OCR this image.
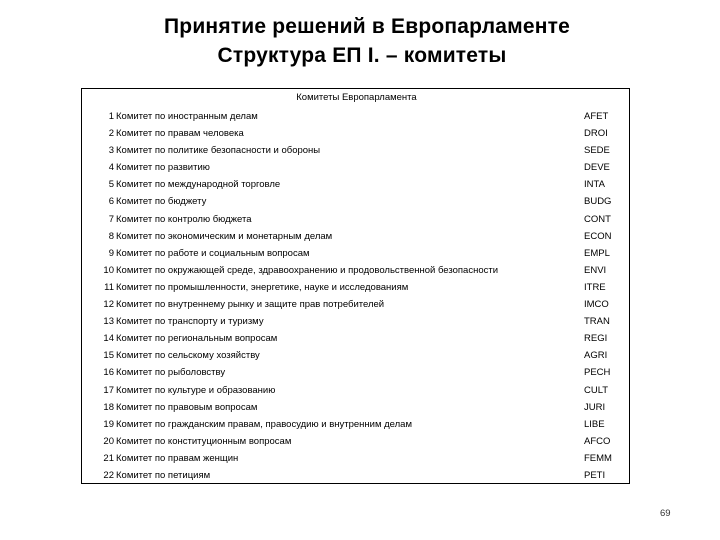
Принятие решений в Европарламенте
Структура ЕП I. – комитеты
Комитеты Европарламента
1 Комитет по иностранным делам	AFET
2 Комитет по правам человека	DROI
3 Комитет по политике безопасности и обороны	SEDE
4 Комитет по развитию	DEVE
5 Комитет по международной торговле	INTA
6 Комитет по бюджету	BUDG
7 Комитет по контролю бюджета	CONT
8 Комитет по экономическим и монетарным делам	ECON
9 Комитет по работе и социальным вопросам	EMPL
10 Комитет по окружающей среде, здравоохранению и продовольственной безопасности	ENVI
11 Комитет по промышленности, энергетике, науке и исследованиям	ITRE
12 Комитет по внутреннему рынку и защите прав потребителей	IMCO
13 Комитет по транспорту и туризму	TRAN
14 Комитет по региональным вопросам	REGI
15 Комитет по сельскому хозяйству	AGRI
16 Комитет по рыболовству	PECH
17 Комитет по культуре и образованию	CULT
18 Комитет по правовым вопросам	JURI
19 Комитет по гражданским правам, правосудию и внутренним делам	LIBE
20 Комитет по конституционным вопросам	AFCO
21 Комитет по правам женщин	FEMM
22 Комитет по петициям	PETI
69
